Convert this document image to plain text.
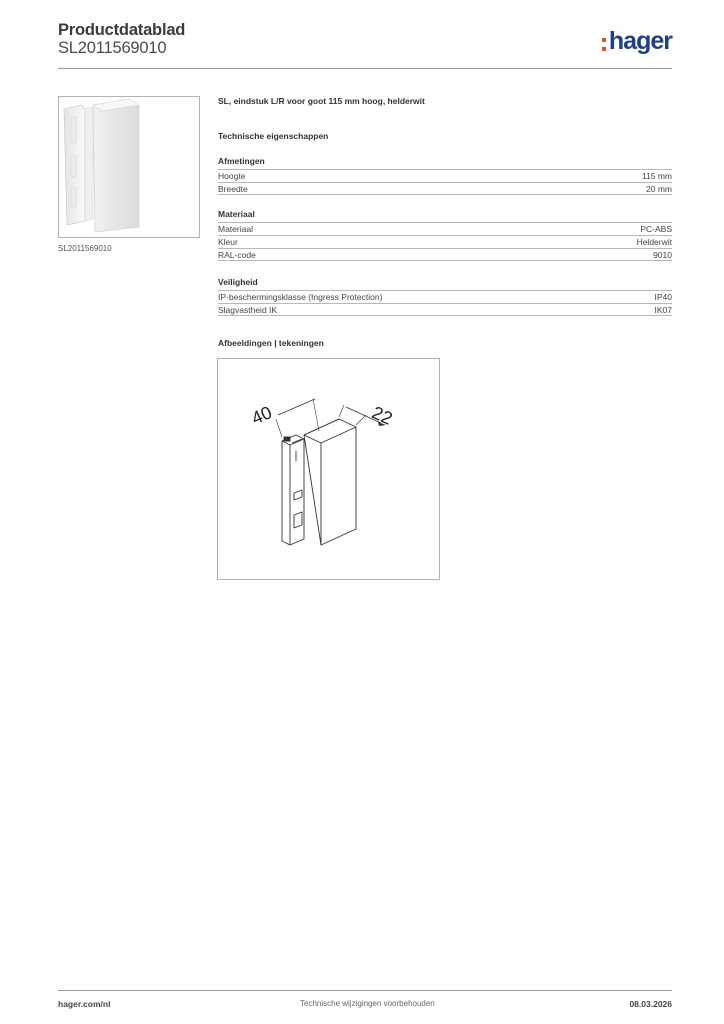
Productdatablad
SL2011569010	hager
SL2011569010
SL, eindstuk L/R voor goot 115 mm hoog, helderwit
Technische eigenschappen
Afmetingen
Hoogte	115 mm
Breedte	20 mm
Materiaal
Materiaal	PC-ABS
Kleur	Helderwit
RAL-code	9010
Veiligheid
IP-beschermingsklasse (Ingress Protection)	IP40
Slagvastheid IK	IK07
Afbeeldingen | tekeningen
40	22
hager.com/nl	Technische wijzigingen voorbehouden	08.03.2026
